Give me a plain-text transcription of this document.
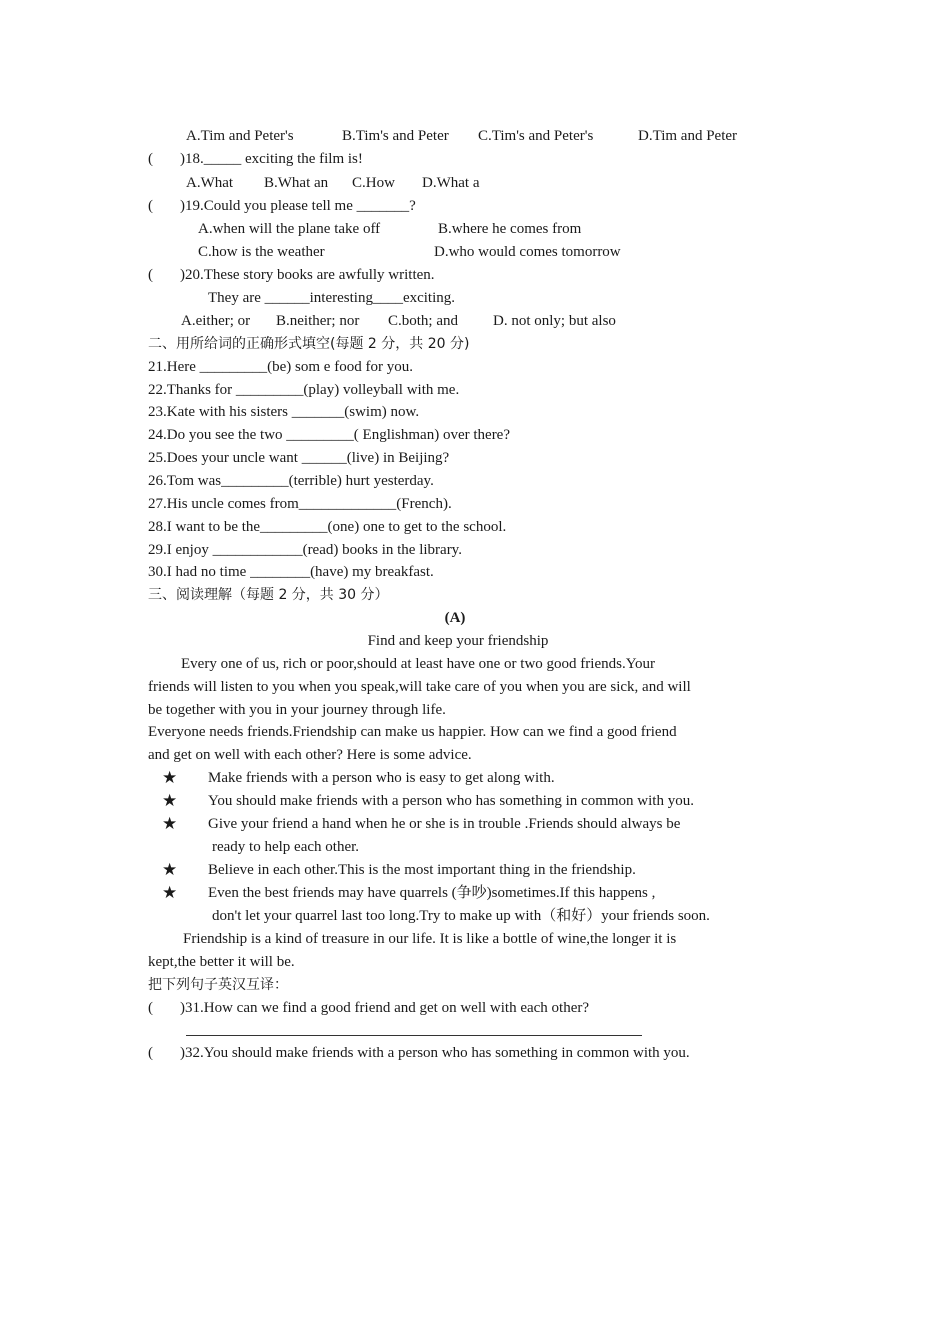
A.Tim and Peter's	B.Tim's and Peter C.Tim's and Peter's	D.Tim and Peter
( )18._____ exciting the film is!
A.What B.What an C.How D.What a
( )19.Could you please tell me _______?
A.when will the plane take off	B.where he comes from
C.how is the weather	D.who would comes tomorrow
( )20.These story books are awfully written.
They are ______interesting____exciting.
A.either; or B.neither; nor C.both; and D. not only; but also
二、用所给词的正确形式填空(每题 2 分，共 20 分)
21.Here _________(be) som e food for you.
22.Thanks for _________(play) volleyball with me.
23.Kate with his sisters _______(swim) now.
24.Do you see the two _________( Englishman) over there?
25.Does your uncle want ______(live) in Beijing?
26.Tom was_________(terrible) hurt yesterday.
27.His uncle comes from_____________(French).
28.I want to be the_________(one) one to get to the school.
29.I enjoy ____________(read) books in the library.
30.I had no time ________(have) my breakfast.
三、阅读理解（每题 2 分，共 30 分）
(A)
Find and keep your friendship
Every one of us, rich or poor,should at least have one or two good friends.Your
friends will listen to you when you speak,will take care of you when you are sick, and will
be together with you in your journey through life.
Everyone needs friends.Friendship can make us happier. How can we find a good friend
and get on well with each other? Here is some advice.
★ Make friends with a person who is easy to get along with.
★ You should make friends with a person who has something in common with you.
★ Give your friend a hand when he or she is in trouble .Friends should always be
ready to help each other.
★ Believe in each other.This is the most important thing in the friendship.
★ Even the best friends may have quarrels (争吵)sometimes.If this happens ,
don't let your quarrel last too long.Try to make up with（和好）your friends soon.
Friendship is a kind of treasure in our life. It is like a bottle of wine,the longer it is
kept,the better it will be.
把下列句子英汉互译：
( )31.How can we find a good friend and get on well with each other?
( )32.You should make friends with a person who has something in common with you.
